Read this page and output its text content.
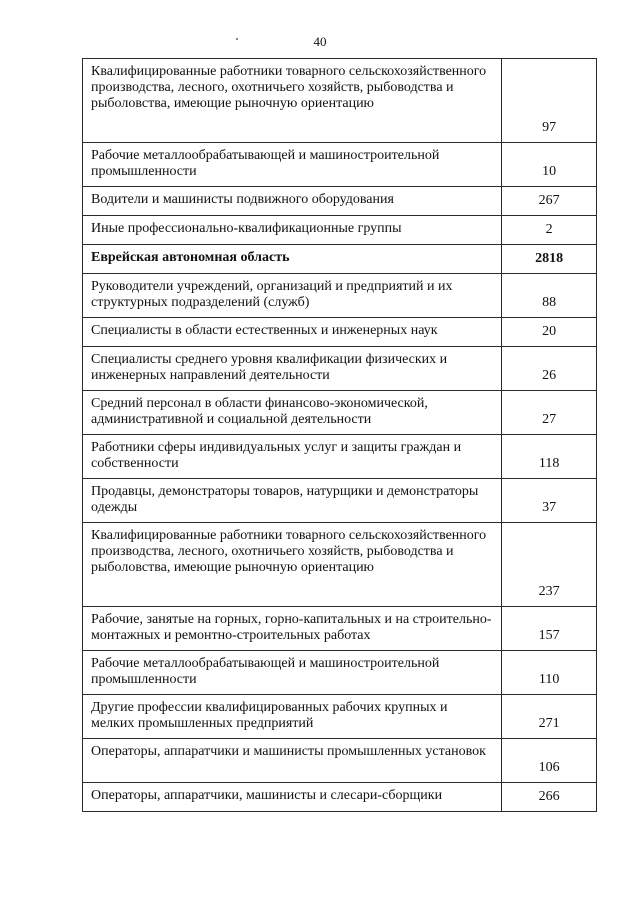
40
Квалифицированные работники товарного сельскохозяйственного производства, лесного, охотничьего хозяйств, рыбоводства и рыболовства, имеющие рыночную ориентацию	97
Рабочие металлообрабатывающей и машиностроительной промышленности	10
Водители и машинисты подвижного оборудования	267
Иные профессионально-квалификационные группы	2
Еврейская автономная область	2818
Руководители учреждений, организаций и предприятий и их структурных подразделений (служб)	88
Специалисты в области естественных и инженерных наук	20
Специалисты среднего уровня квалификации физических и инженерных направлений деятельности	26
Средний персонал в области финансово-экономической, административной и социальной деятельности	27
Работники сферы индивидуальных услуг и защиты граждан и собственности	118
Продавцы, демонстраторы товаров, натурщики и демонстраторы одежды	37
Квалифицированные работники товарного сельскохозяйственного производства, лесного, охотничьего хозяйств, рыбоводства и рыболовства, имеющие рыночную ориентацию	237
Рабочие, занятые на горных, горно-капитальных и на строительно-монтажных и ремонтно-строительных работах	157
Рабочие металлообрабатывающей и машиностроительной промышленности	110
Другие профессии квалифицированных рабочих крупных и мелких промышленных предприятий	271
Операторы, аппаратчики и машинисты промышленных установок	106
Операторы, аппаратчики, машинисты и слесари-сборщики	266
